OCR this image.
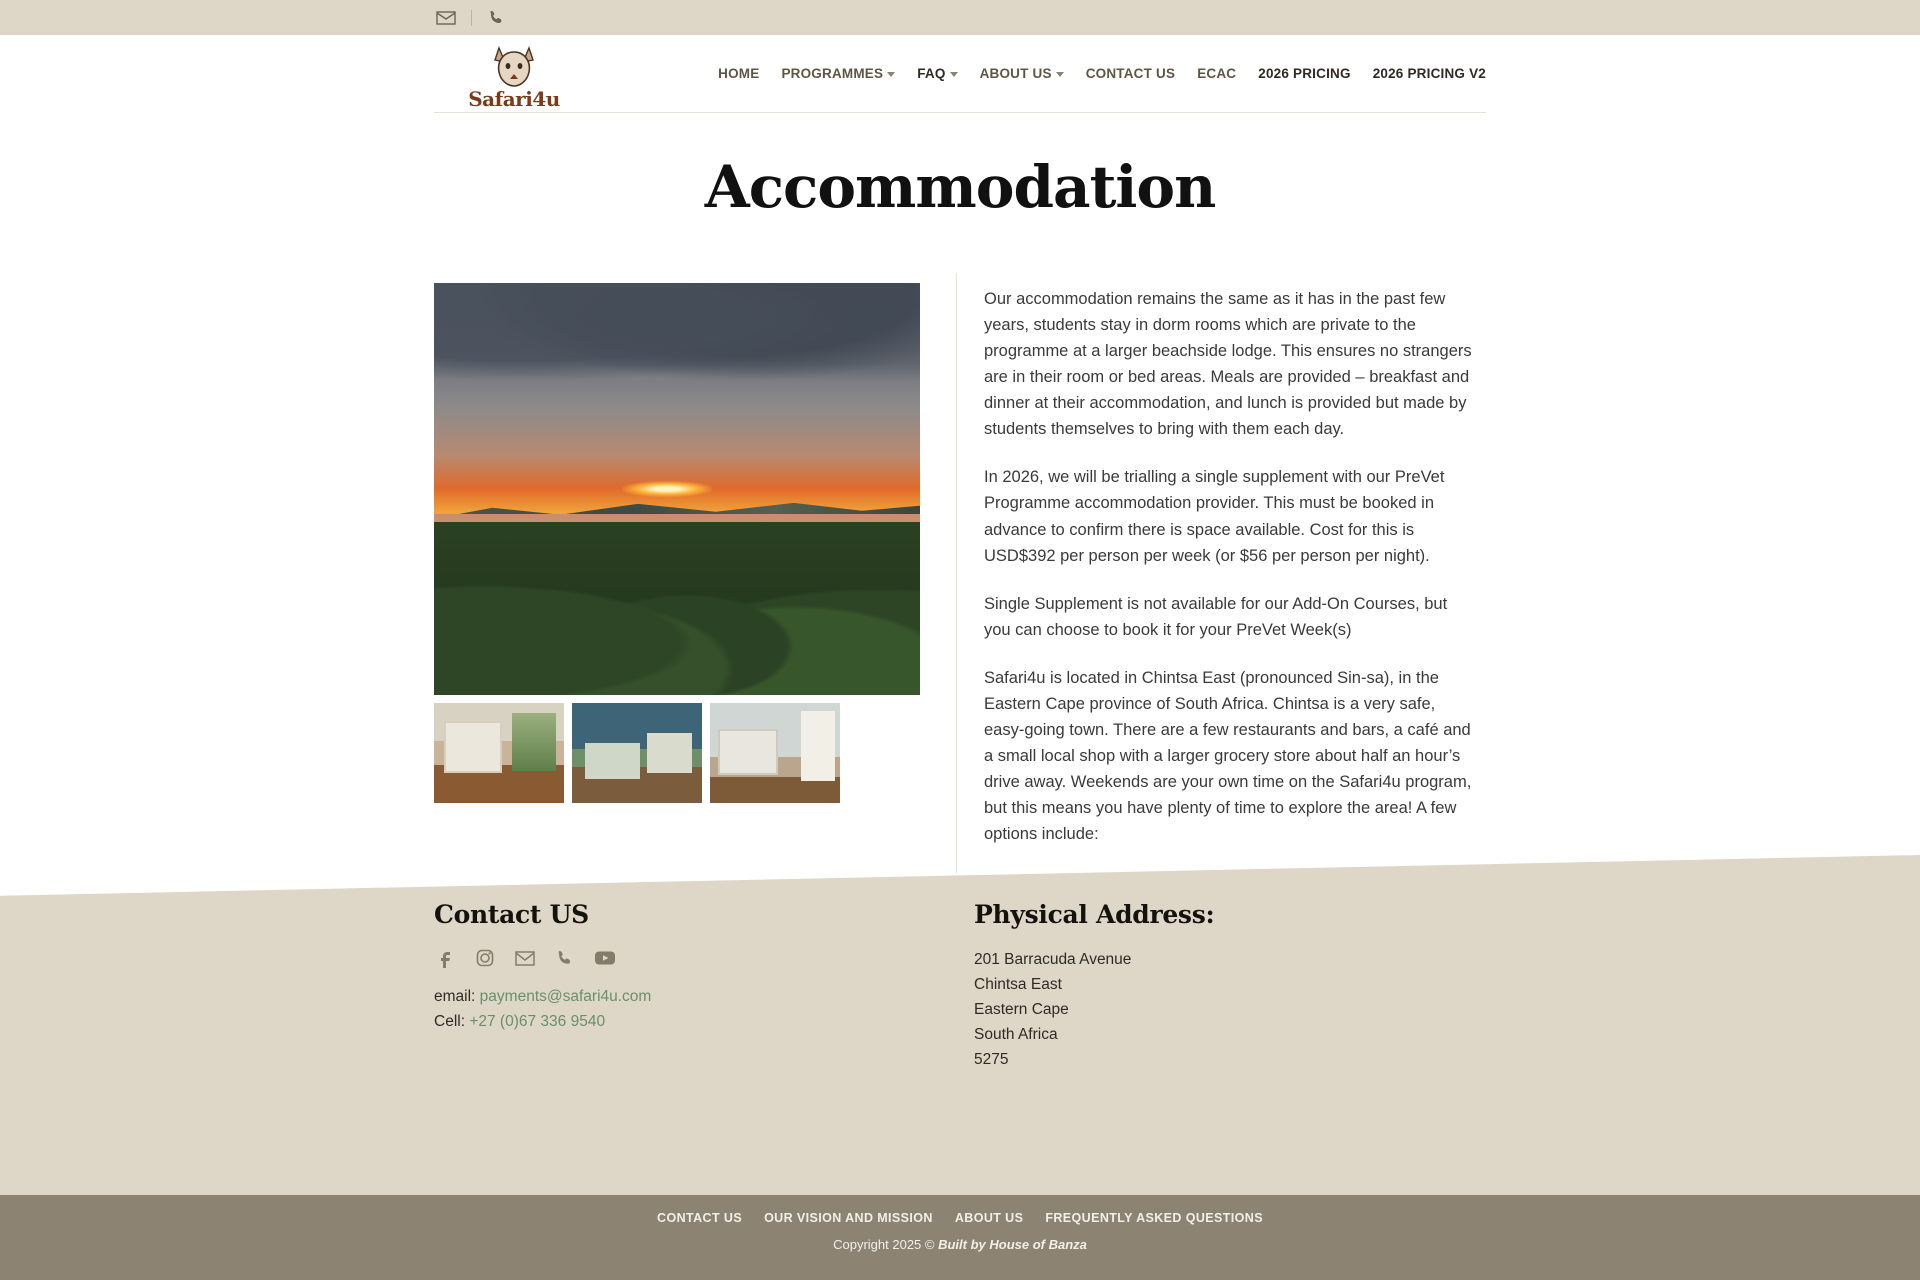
Safari4u
HOME PROGRAMMES	FAQ	ABOUT US	CONTACT US ECAC 2026 PRICING 2026 PRICING V2
Accommodation

Our accommodation remains the same as it has in the past few years, students stay in dorm rooms which are private to the programme at a larger beachside lodge. This ensures no strangers are in their room or bed areas. Meals are provided – breakfast and dinner at their accommodation, and lunch is provided but made by students themselves to bring with them each day.

In 2026, we will be trialling a single supplement with our PreVet Programme accommodation provider. This must be booked in advance to confirm there is space available. Cost for this is USD$392 per person per week (or $56 per person per night).

Single Supplement is not available for our Add-On Courses, but you can choose to book it for your PreVet Week(s)

Safari4u is located in Chintsa East (pronounced Sin-sa), in the Eastern Cape province of South Africa. Chintsa is a very safe, easy-going town. There are a few restaurants and bars, a café and a small local shop with a larger grocery store about half an hour’s drive away. Weekends are your own time on the Safari4u program, but this means you have plenty of time to explore the area! A few options include:

Contact US
email: payments@safari4u.com
Cell: +27 (0)67 336 9540
Physical Address:
201 Barracuda Avenue
Chintsa East
Eastern Cape
South Africa
5275
CONTACT US OUR VISION AND MISSION ABOUT US FREQUENTLY ASKED QUESTIONS
Copyright 2025 © Built by House of Banza
